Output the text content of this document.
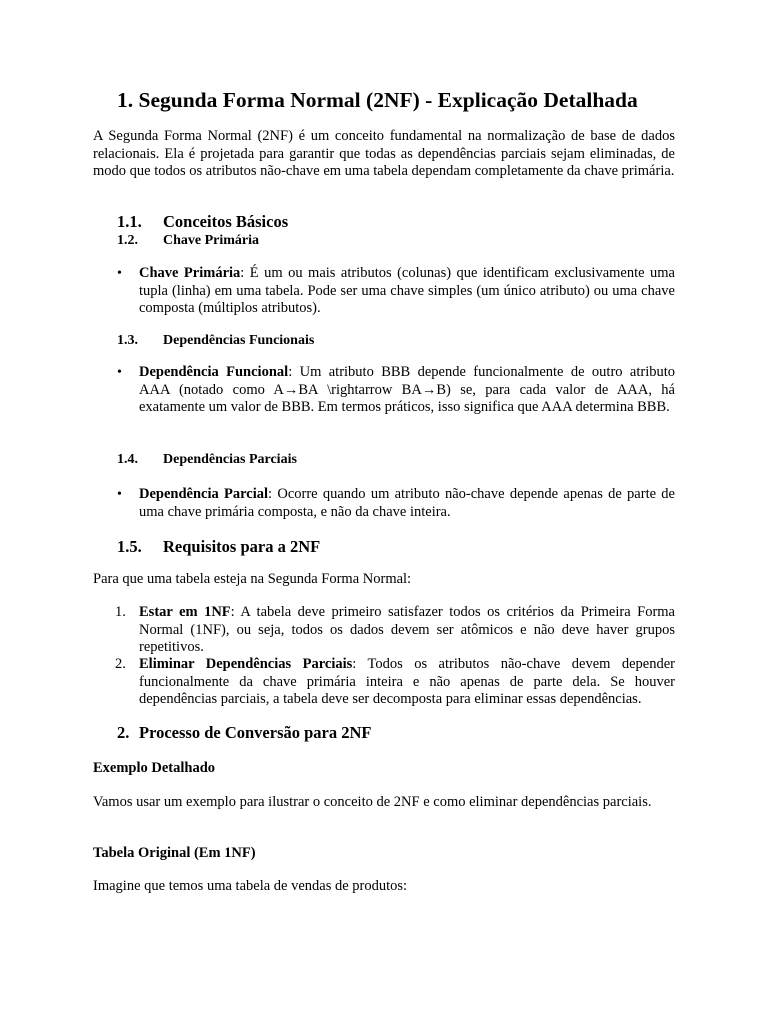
1. Segunda Forma Normal (2NF) - Explicação Detalhada

A Segunda Forma Normal (2NF) é um conceito fundamental na normalização de base de dados relacionais. Ela é projetada para garantir que todas as dependências parciais sejam eliminadas, de modo que todos os atributos não-chave em uma tabela dependam completamente da chave primária.

1.1. Conceitos Básicos
1.2. Chave Primária
• Chave Primária: É um ou mais atributos (colunas) que identificam exclusivamente uma tupla (linha) em uma tabela. Pode ser uma chave simples (um único atributo) ou uma chave composta (múltiplos atributos).

1.3. Dependências Funcionais
• Dependência Funcional: Um atributo BBB depende funcionalmente de outro atributo AAA (notado como A→BA \rightarrow BA→B) se, para cada valor de AAA, há exatamente um valor de BBB. Em termos práticos, isso significa que AAA determina BBB.

1.4. Dependências Parciais
• Dependência Parcial: Ocorre quando um atributo não-chave depende apenas de parte de uma chave primária composta, e não da chave inteira.

1.5. Requisitos para a 2NF

Para que uma tabela esteja na Segunda Forma Normal:

1. Estar em 1NF: A tabela deve primeiro satisfazer todos os critérios da Primeira Forma Normal (1NF), ou seja, todos os dados devem ser atômicos e não deve haver grupos repetitivos.

2. Eliminar Dependências Parciais: Todos os atributos não-chave devem depender funcionalmente da chave primária inteira e não apenas de parte dela. Se houver dependências parciais, a tabela deve ser decomposta para eliminar essas dependências.

2. Processo de Conversão para 2NF
Exemplo Detalhado

Vamos usar um exemplo para ilustrar o conceito de 2NF e como eliminar dependências parciais.

Tabela Original (Em 1NF)

Imagine que temos uma tabela de vendas de produtos:
